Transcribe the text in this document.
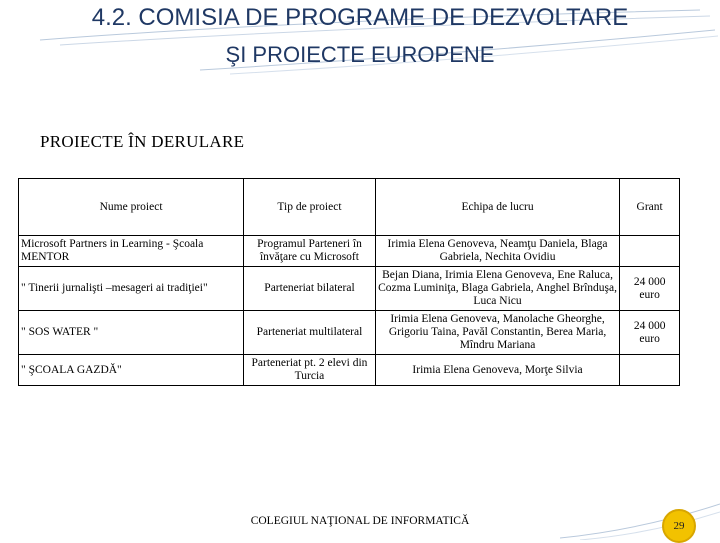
4.2. COMISIA DE PROGRAME DE DEZVOLTARE
ŞI PROIECTE EUROPENE
PROIECTE ÎN DERULARE
Nume proiect	Tip de proiect	Echipa de lucru	Grant
Microsoft Partners in Learning - Şcoala MENTOR	Programul Parteneri în învăţare cu Microsoft	Irimia Elena Genoveva, Neamţu Daniela, Blaga Gabriela, Nechita Ovidiu	
" Tinerii jurnalişti –mesageri ai tradiţiei"	Parteneriat bilateral	Bejan Diana, Irimia Elena Genoveva, Ene Raluca, Cozma Luminiţa, Blaga Gabriela, Anghel Brînduşa, Luca Nicu	24 000 euro
" SOS WATER "	Parteneriat multilateral	Irimia Elena Genoveva, Manolache Gheorghe, Grigoriu Taina, Pavăl Constantin, Berea Maria, Mîndru Mariana	24 000 euro
" ŞCOALA GAZDĂ"	Parteneriat pt. 2 elevi din Turcia	Irimia Elena Genoveva, Morţe Silvia	
COLEGIUL NAŢIONAL DE INFORMATICĂ	29
